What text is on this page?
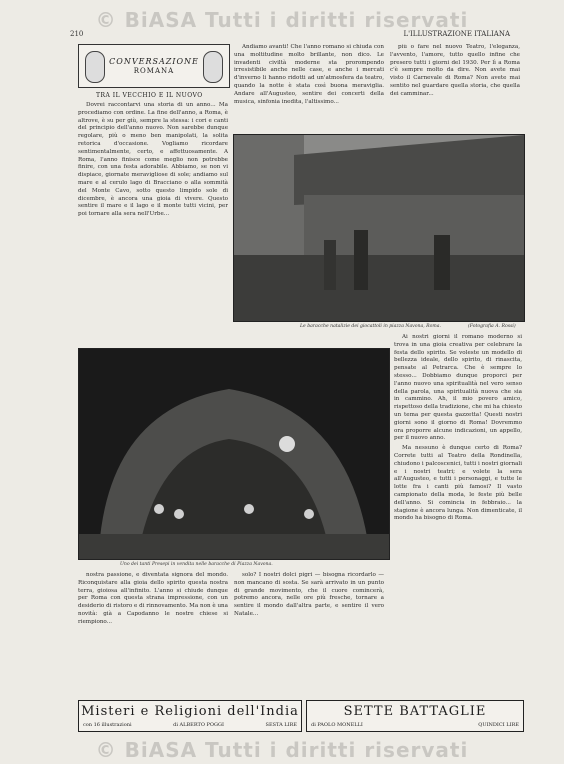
© BiASA Tutti i diritti riservati
210	L'ILLUSTRAZIONE ITALIANA
CONVERSAZIONE
ROMANA
TRA IL VECCHIO E IL NUOVO

Dovrei raccontarvi una storia di un anno... Ma procediamo con ordine. La fine dell'anno, a Roma, è altrove, è su per giù, sempre la stessa: i cori e canti del principio dell'anno nuovo. Non sarebbe dunque regolare, più o meno ben manipolati, la solita retorica d'occasione. Vogliamo ricordare sentimentalmente, certo, e affettuosamente. A Roma, l'anno finisce come meglio non potrebbe finire, con una festa adorabile. Abbiamo, se non vi dispiace, giornate meravigliose di sole; andiamo sul mare e al cerulo lago di Bracciano o alla sommità del Monte Cavo, sotto questo limpido sole di dicembre, è ancora una gioia di vivere. Questo sentire il mare e il lago e il monte tutti vicini, per poi tornare alla sera nell'Urbe...

Andiamo avanti! Che l'anno romano si chiuda con una moltitudine molto brillante, non dico. Le invadenti civiltà moderne sta prorompendo irresistibile anche nelle case, e anche i mercati d'inverno li hanno ridotti ad un'atmosfera da teatro, quando la notte è stata così buona meraviglia. Andare all'Augusteo, sentire dei concerti della musica, sinfonia inedita, l'altissimo...

più o fare nel nuovo Teatro, l'eleganza, l'avvento, l'amore, tutto quello infine che presero tutti i giorni del 1930. Per lì a Roma c'è sempre molto da dire. Non avete mai visto il Carnevale di Roma? Non avete mai sentito nel guardare quella storia, che quella dei camminar...

Le baracche natalizie dei giocattoli in piazza Navona, Roma.	(Fotografia A. Rossi)
Uno dei tanti Presepi in vendita nelle baracche di Piazza Navona.

Ai nostri giorni il romano moderno si trova in una gioia creativa per celebrare la festa dello spirito. Se voleste un modello di bellezza ideale, dello spirito, di rinascita, pensate al Petrarca. Che è sempre lo stesso... Dobbiamo dunque proporci per l'anno nuovo una spiritualità nel vero senso della parola, una spiritualità nuova che sia in cammino. Ah, il mio povero amico, rispettoso della tradizione, che mi ha chiesto un tema per questa gazzetta! Questi nostri giorni sono il giorno di Roma! Dovremmo ora proporre alcune indicazioni, un appello, per il nuovo anno.

Ma nessuno è dunque certo di Roma? Correte tutti al Teatro della Rondinella, chiudono i palcoscenici, tutti i nostri giornali e i nostri teatri; e volete la sera all'Augusteo, e tutti i personaggi, e tutte le lotte fra i canti più famosi? Il vasto campionato della moda, le feste più belle dell'anno. Si comincia in febbraio... la stagione è ancora lunga. Non dimenticate, il mondo ha bisogno di Roma.

nostra passione, e diventata signora del mondo. Riconquistare alla gioia dello spirito questa nostra terra, gioiosa all'infinito. L'anno si chiude dunque per Roma con questa strana impressione, con un desiderio di ristoro e di rinnovamento. Ma non è una novità: già a Capodanno le nostre chiese si riempiono...

solo? I nostri dolci pigri — bisogna ricordarlo — non mancano di sosta. Se sarà arrivato in un punto di grande movimento, che il cuore comincerà, potremo ancora, nelle ore più fresche, tornare a sentire il mondo dall'altra parte, e sentire il vero Natale...

Misteri e Religioni dell'India
con 16 illustrazioni	di ALBERTO POGGI	SESTA LIRE
SETTE BATTAGLIE
di PAOLO MONELLI	QUINDICI LIRE
© BiASA Tutti i diritti riservati
